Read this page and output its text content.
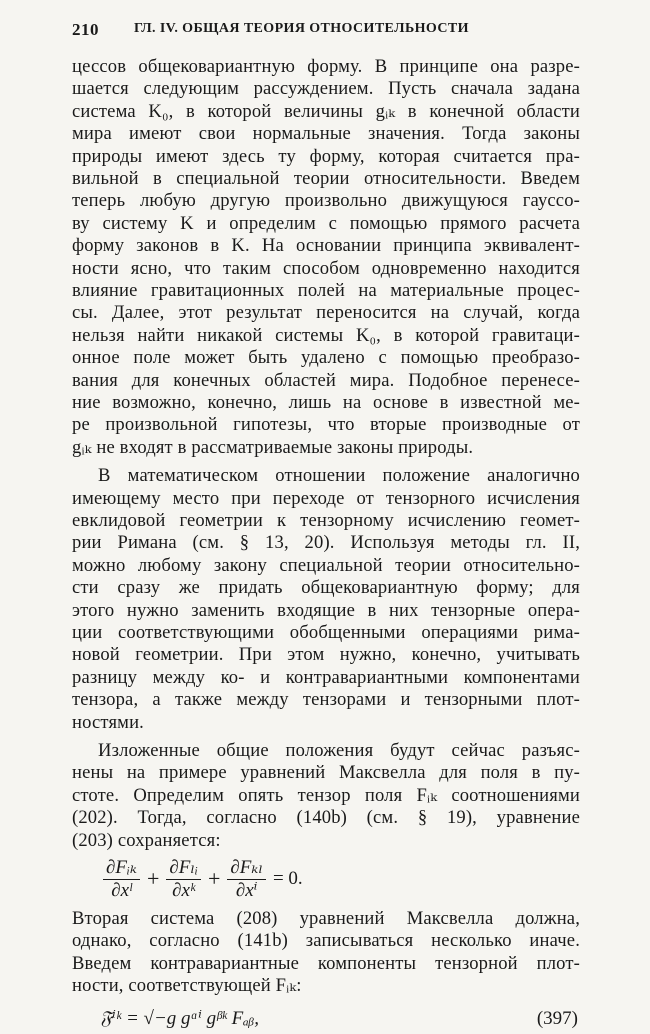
210	ГЛ. IV. ОБЩАЯ ТЕОРИЯ ОТНОСИТЕЛЬНОСТИ
цессов общековариантную форму. В принципе она разре-
шается следующим рассуждением. Пусть сначала задана
система K₀, в которой величины gᵢₖ в конечной области
мира имеют свои нормальные значения. Тогда законы
природы имеют здесь ту форму, которая считается пра-
вильной в специальной теории относительности. Введем
теперь любую другую произвольно движущуюся гауссо-
ву систему K и определим с помощью прямого расчета
форму законов в K. На основании принципа эквивалент-
ности ясно, что таким способом одновременно находится
влияние гравитационных полей на материальные процес-
сы. Далее, этот результат переносится на случай, когда
нельзя найти никакой системы K₀, в которой гравитаци-
онное поле может быть удалено с помощью преобразо-
вания для конечных областей мира. Подобное перенесе-
ние возможно, конечно, лишь на основе в известной ме-
ре произвольной гипотезы, что вторые производные от
gᵢₖ не входят в рассматриваемые законы природы.
В математическом отношении положение аналогично
имеющему место при переходе от тензорного исчисления
евклидовой геометрии к тензорному исчислению геомет-
рии Римана (см. § 13, 20). Используя методы гл. II,
можно любому закону специальной теории относительно-
сти сразу же придать общековариантную форму; для
этого нужно заменить входящие в них тензорные опера-
ции соответствующими обобщенными операциями римa-
новой геометрии. При этом нужно, конечно, учитывать
разницу между ко- и контравариантными компонентами
тензора, а также между тензорами и тензорными плот-
ностями.
Изложенные общие положения будут сейчас разъяс-
нены на примере уравнений Максвелла для поля в пу-
стоте. Определим опять тензор поля Fᵢₖ соотношениями
(202). Тогда, согласно (140b) (см. § 19), уравнение
(203) сохраняется:
$\frac{\text{∂Fᵢₖ}}{\text{∂xˡ}} + \frac{\text{∂Fₗᵢ}}{\text{∂xᵏ}} + \frac{\text{∂Fₖₗ}}{\text{∂xⁱ}} = 0$.
Вторая система (208) уравнений Максвелла должна,
однако, согласно (141b) записываться несколько иначе.
Введем контравариантные компоненты тензорной плот-
ности, соответствующей Fᵢₖ:
𝔉ⁱᵏ = √−g gᵅⁱ gᵝᵏ Fₐᵦ,	(397)
